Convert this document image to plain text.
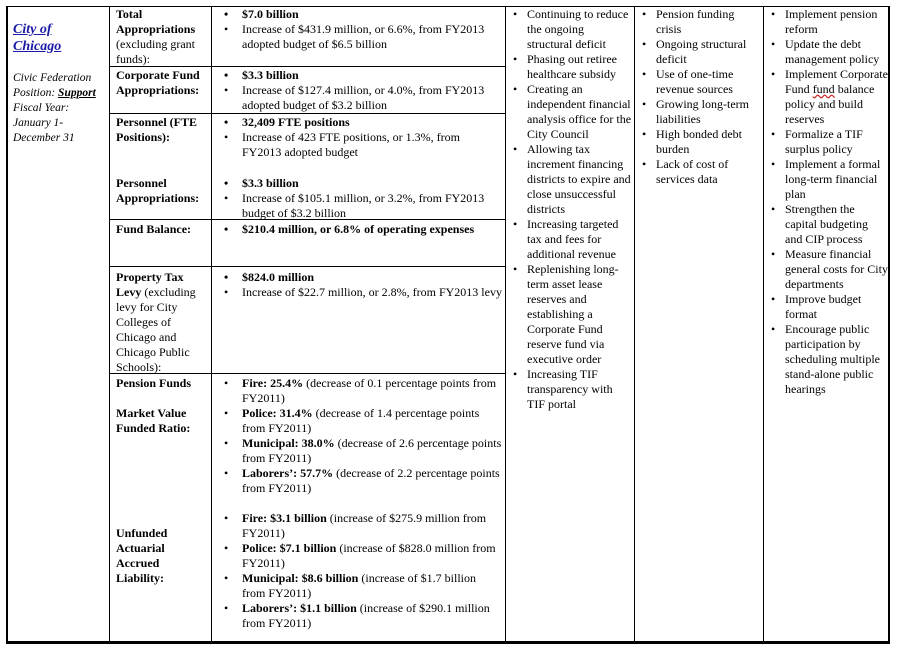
City of
Chicago
Civic Federation
Position: Support
Fiscal Year:
January 1-
December 31
Total
Appropriations
(excluding grant funds):
• $7.0 billion
• Increase of $431.9 million, or 6.6%, from FY2013 adopted budget of $6.5 billion
Corporate Fund
Appropriations:
• $3.3 billion
• Increase of $127.4 million, or 4.0%, from FY2013 adopted budget of $3.2 billion
Personnel (FTE
Positions):
• 32,409 FTE positions
• Increase of 423 FTE positions, or 1.3%, from FY2013 adopted budget
Personnel
Appropriations:
• $3.3 billion
• Increase of $105.1 million, or 3.2%, from FY2013 budget of $3.2 billion
Fund Balance:
•	$210.4 million, or 6.8% of operating expenses
Property Tax
Levy (excluding levy for City Colleges of Chicago and Chicago Public Schools):
• $824.0 million
• Increase of $22.7 million, or 2.8%, from FY2013 levy
Pension Funds
Market Value
Funded Ratio:
• Fire: 25.4% (decrease of 0.1 percentage points from FY2011)
• Police: 31.4% (decrease of 1.4 percentage points from FY2011)
• Municipal: 38.0% (decrease of 2.6 percentage points from FY2011)
• Laborers’: 57.7% (decrease of 2.2 percentage points from FY2011)
Unfunded
Actuarial
Accrued
Liability:
• Fire: $3.1 billion (increase of $275.9 million from FY2011)
• Police: $7.1 billion (increase of $828.0 million from FY2011)
• Municipal: $8.6 billion (increase of $1.7 billion from FY2011)
• Laborers’: $1.1 billion (increase of $290.1 million from FY2011)
• Continuing to reduce the ongoing structural deficit
• Phasing out retiree healthcare subsidy
• Creating an independent financial analysis office for the City Council
• Allowing tax increment financing districts to expire and close unsuccessful districts
• Increasing targeted tax and fees for additional revenue
• Replenishing long-term asset lease reserves and establishing a Corporate Fund reserve fund via executive order
• Increasing TIF transparency with TIF portal
• Pension funding crisis
• Ongoing structural deficit
• Use of one-time revenue sources
• Growing long-term liabilities
• High bonded debt burden
• Lack of cost of services data
• Implement pension reform
• Update the debt management policy
• Implement Corporate Fund fund balance policy and build reserves
• Formalize a TIF surplus policy
• Implement a formal long-term financial plan
• Strengthen the capital budgeting and CIP process
• Measure financial general costs for City departments
• Improve budget format
• Encourage public participation by scheduling multiple stand-alone public hearings
